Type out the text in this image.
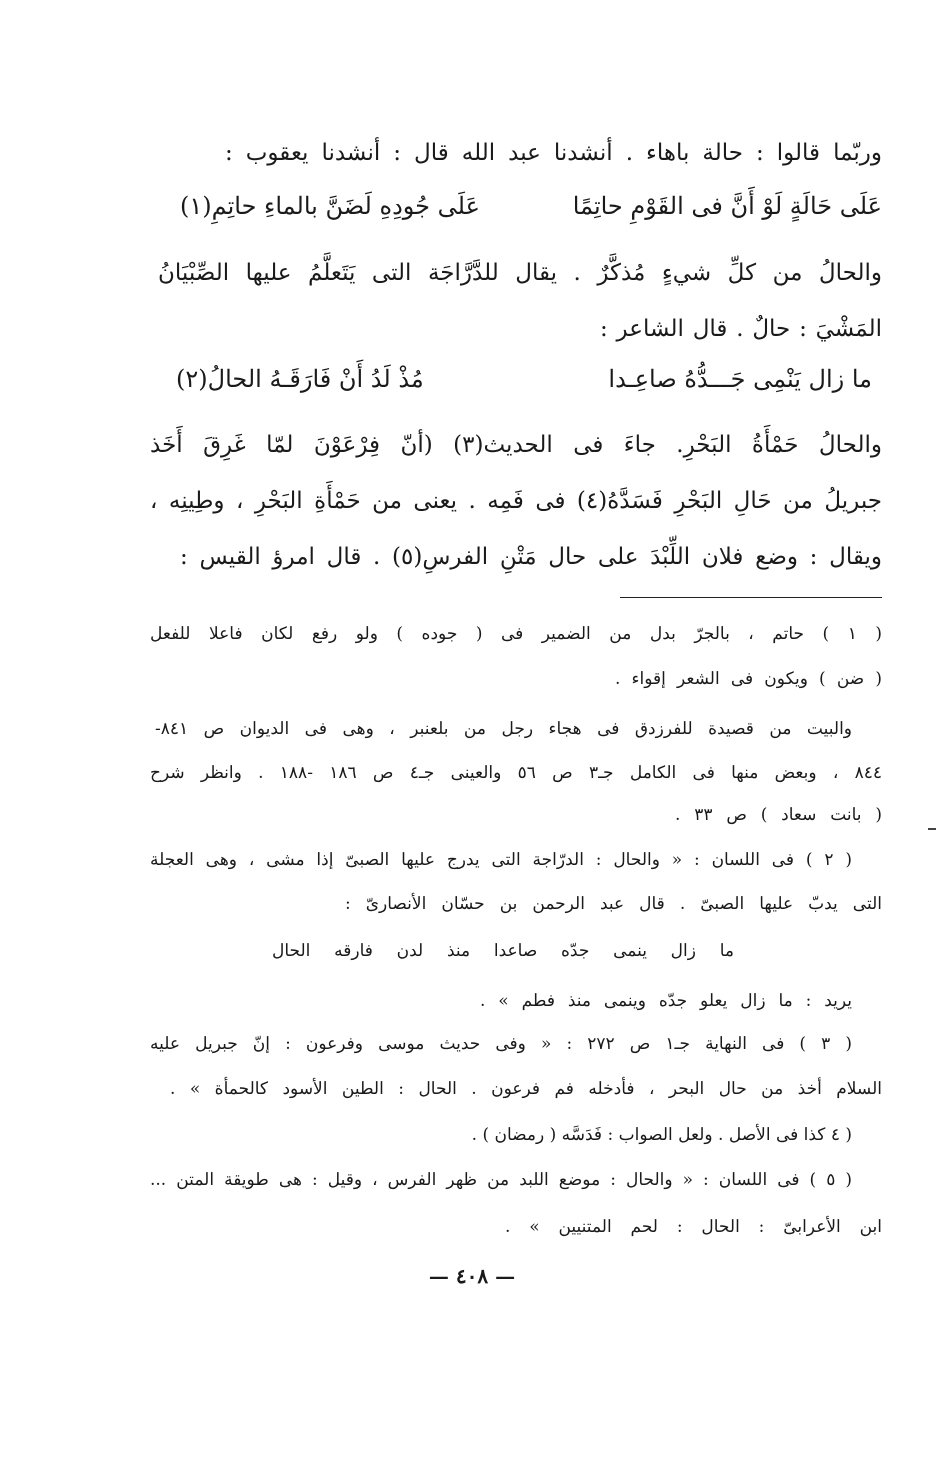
وربّما قالوا : حالة باهاء . أنشدنا عبد الله قال : أنشدنا يعقوب :
عَلَى حَالَةٍ لَوْ أَنَّ فى القَوْمِ حاتِمًا
عَلَى جُودِهِ لَضَنَّ بالماءِ حاتِمِ(١)
والحالُ من كلِّ شيءٍ مُذكَّرٌ . يقال للدَّرَّاجَة التى يَتَعلَّمُ عليها الصِّبْيَانُ
المَشْيَ : حالٌ . قال الشاعر :
ما زال يَنْمِى جَـــدُّهُ صاعِـدا
مُذْ لَدُ أَنْ فَارَقَـهُ الحالُ(٢)
والحالُ حَمْأَةُ البَحْرِ. جاءَ فى الحديث(٣) (أنّ فِرْعَوْنَ لمّا غَرِقَ أَخَذ
جبريلُ من حَالِ البَحْرِ فَسَدَّهُ(٤) فى فَمِه . يعنى من حَمْأَةِ البَحْرِ ، وطِينِه ،
ويقال : وضع فلان اللِّبْدَ على حال مَتْنِ الفرسِ(٥) . قال امرؤ القيس :
( ١ ) حاتم ، بالجرّ بدل من الضمير فى ( جوده ) ولو رفع لكان فاعلا للفعل
( ضن ) ويكون فى الشعر إقواء .
والبيت من قصيدة للفرزدق فى هجاء رجل من بلعنبر ، وهى فى الديوان ص ٨٤١-
٨٤٤ ، وبعض منها فى الكامل جـ٣ ص ٥٦ والعينى جـ٤ ص ١٨٦ -١٨٨ . وانظر شرح
( بانت سعاد ) ص ٣٣ .
( ٢ ) فى اللسان : « والحال : الدرّاجة التى يدرج عليها الصبىّ إذا مشى ، وهى العجلة
التى يدبّ عليها الصبىّ . قال عبد الرحمن بن حسّان الأنصارىّ :
ما زال ينمى جدّه صاعدا منذ لدن فارقه الحال
يريد : ما زال يعلو جدّه وينمى منذ فطم » .
( ٣ ) فى النهاية جـ١ ص ٢٧٢ : « وفى حديث موسى وفرعون : إنّ جبريل عليه
السلام أخذ من حال البحر ، فأدخله فم فرعون . الحال : الطين الأسود كالحمأة » .
( ٤ كذا فى الأصل . ولعل الصواب : فَدَسَّه ( رمضان ) .
( ٥ ) فى اللسان : « والحال : موضع اللبد من ظهر الفرس ، وقيل : هى طويقة المتن ...
ابن الأعرابىّ : الحال : لحم المتنيين » .
— ٤٠٨ —
